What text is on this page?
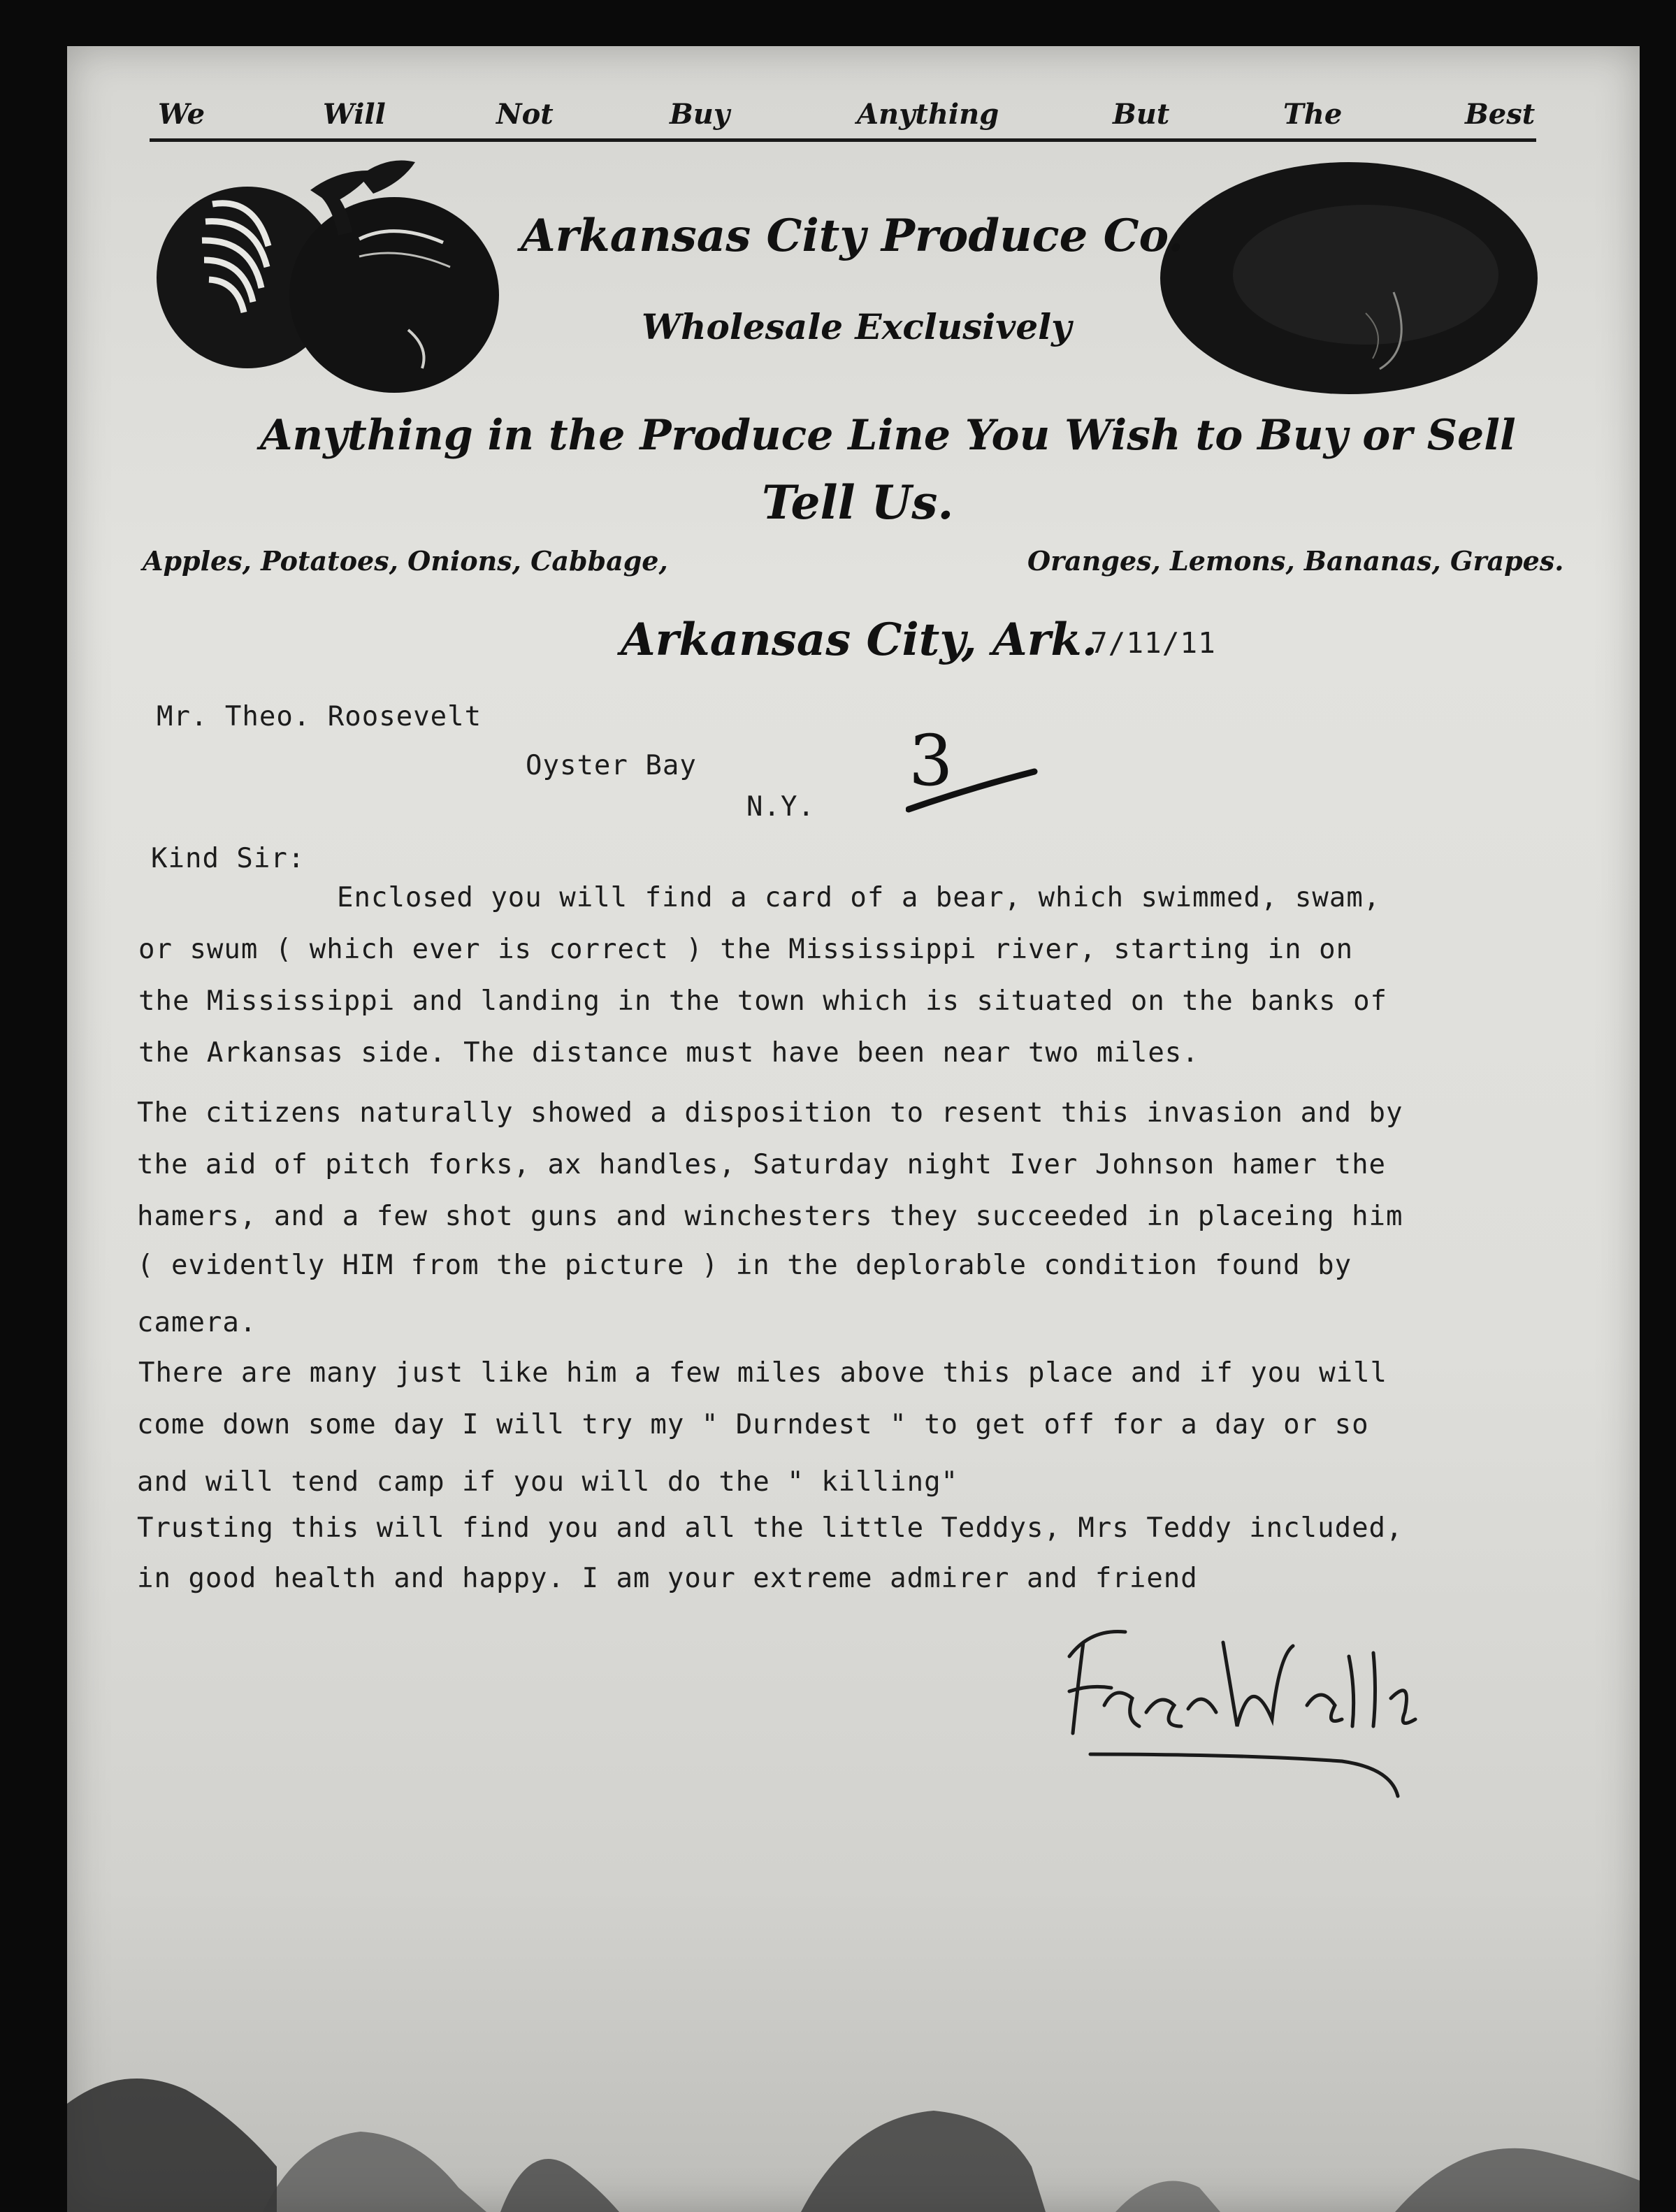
We	Will	Not	Buy	Anything	But	The	Best
Arkansas City Produce Co.
Wholesale Exclusively
Anything in the Produce Line You Wish to Buy or Sell
Tell Us.
Apples, Potatoes, Onions, Cabbage,	Oranges, Lemons, Bananas, Grapes.
Arkansas City, Ark.
7/11/11
Mr. Theo. Roosevelt
Oyster Bay
N.Y.
3
Kind Sir:
Enclosed you will find a card of a bear, which swimmed, swam,
or swum ( which ever is correct ) the Mississippi river, starting in on
the Mississippi and landing in the town which is situated on the banks of
the Arkansas side. The distance must have been near two miles.
The citizens naturally showed a disposition to resent this invasion and by
the aid of pitch forks, ax handles, Saturday night Iver Johnson hamer the
hamers, and a few shot guns and winchesters they succeeded in placeing him
( evidently HIM from the picture ) in the deplorable condition found by
camera.
There are many just like him a few miles above this place and if you will
come down some day I will try my " Durndest " to get off for a day or so
and will tend camp if you will do the " killing"
Trusting this will find you and all the little Teddys, Mrs Teddy included,
in good health and happy. I am your extreme admirer and friend
